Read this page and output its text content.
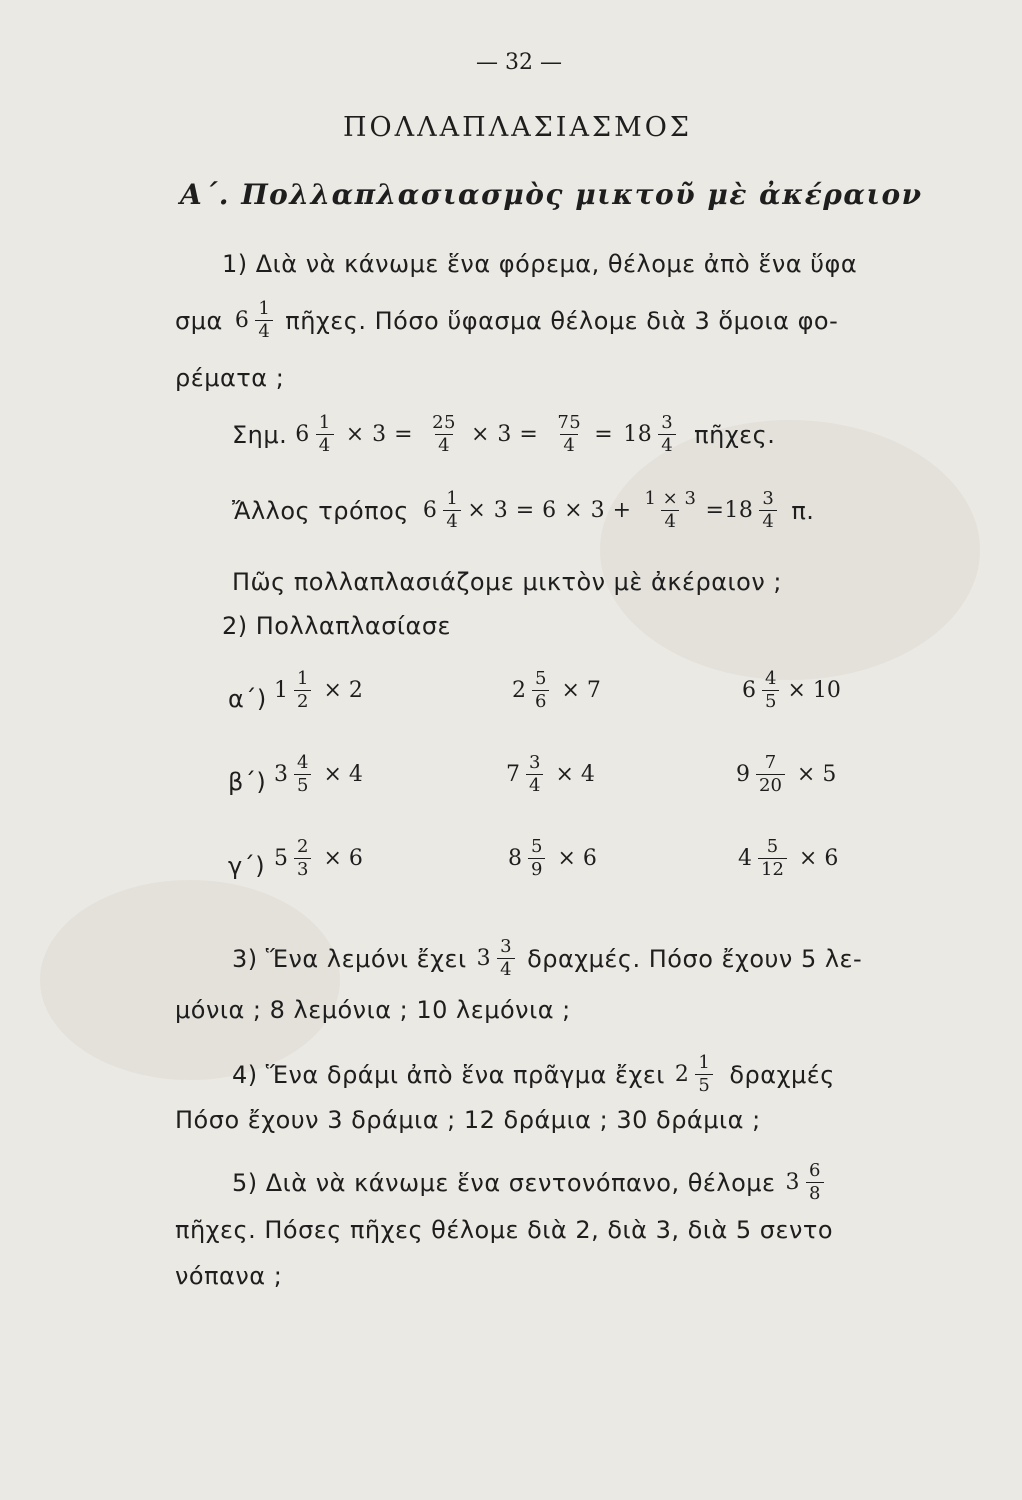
— 32 —
ΠΟΛΛΑΠΛΑΣΙΑΣΜΟΣ
Α΄. Πολλαπλασιασμὸς μικτοῦ μὲ ἀκέραιον
1) Διὰ νὰ κάνωμε ἕνα φόρεμα, θέλομε ἀπὸ ἕνα ὕφα
σμα $6 \frac{1}{4}$ πῆχες. Πόσο ὕφασμα θέλομε διὰ 3 ὅμοια φο-
ρέματα ;
Σημ. $6 \frac{1}{4} \times 3 = \frac{25}{4} \times 3 = \frac{75}{4} = 18 \frac{3}{4}$ πῆχες.
Ἄλλος τρόπος $6 \frac{1}{4} \times 3 = 6 \times 3 + \frac{1 \times 3}{4} = 18 \frac{3}{4} \pi$.
Πῶς πολλαπλασιάζομε μικτὸν μὲ ἀκέραιον ;
2) Πολλαπλασίασε
α΄) $1 \frac{1}{2} \times 2$	$2 \frac{5}{6} \times 7$	$6 \frac{4}{5} \times 10$
β΄) $3 \frac{4}{5} \times 4$	$7 \frac{3}{4} \times 4$	$9 \frac{7}{20} \times 5$
γ΄) $5 \frac{2}{3} \times 6$	$8 \frac{5}{9} \times 6$	$4 \frac{5}{12} \times 6$
3) Ἕνα λεμόνι ἔχει $3 \frac{3}{4} \delta\rho\alpha\chi\mu έ\varsigma$. Πόσο ἔχουν 5 λε-
μόνια ; 8 λεμόνια ; 10 λεμόνια ;
4) Ἕνα δράμι ἀπὸ ἕνα πρᾶγμα ἔχει $2 \frac{1}{5}$ δραχμές
Πόσο ἔχουν 3 δράμια ; 12 δράμια ; 30 δράμια ;
5) Διὰ νὰ κάνωμε ἕνα σεντονόπανο, θέλομε $3 \frac{6}{8}$
πῆχες. Πόσες πῆχες θέλομε διὰ 2, διὰ 3, διὰ 5 σεντο
νόπανα ;
